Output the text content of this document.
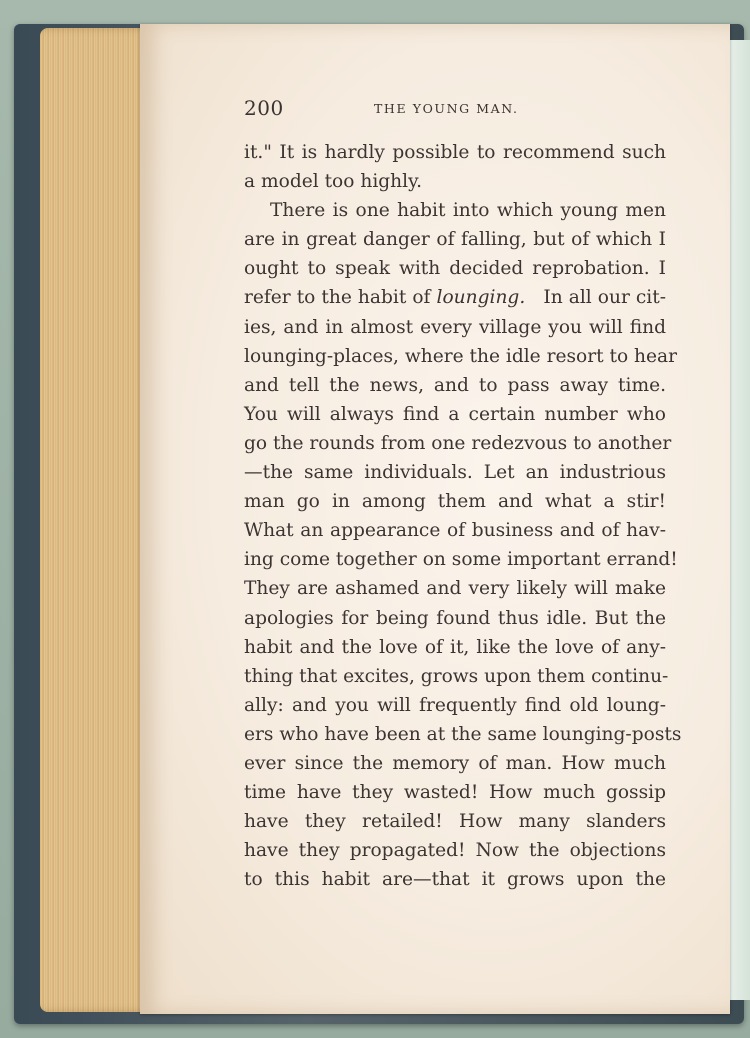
200	THE YOUNG MAN.
it." It is hardly possible to recommend such
a model too highly.
There is one habit into which young men
are in great danger of falling, but of which I
ought to speak with decided reprobation. I
refer to the habit of lounging. In all our cit-
ies, and in almost every village you will find
lounging-places, where the idle resort to hear
and tell the news, and to pass away time.
You will always find a certain number who
go the rounds from one redezvous to another
—the same individuals. Let an industrious
man go in among them and what a stir!
What an appearance of business and of hav-
ing come together on some important errand!
They are ashamed and very likely will make
apologies for being found thus idle. But the
habit and the love of it, like the love of any-
thing that excites, grows upon them continu-
ally: and you will frequently find old loung-
ers who have been at the same lounging-posts
ever since the memory of man. How much
time have they wasted! How much gossip
have they retailed! How many slanders
have they propagated! Now the objections
to this habit are—that it grows upon the
